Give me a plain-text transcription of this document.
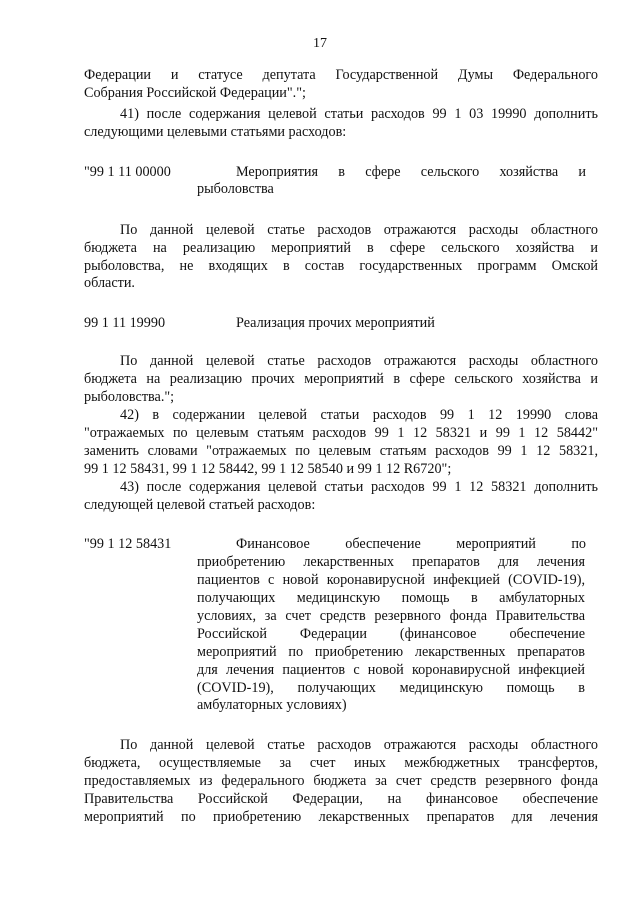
17

Федерации и статусе депутата Государственной Думы Федерального

Собрания Российской Федерации".";

41) после содержания целевой статьи расходов 99 1 03 19990 дополнить

следующими целевыми статьями расходов:

"99 1 11 00000	Мероприятия в сфере сельского хозяйства и

рыболовства

По данной целевой статье расходов отражаются расходы областного

бюджета на реализацию мероприятий в сфере сельского хозяйства и

рыболовства, не входящих в состав государственных программ Омской

области.

99 1 11 19990	Реализация прочих мероприятий

По данной целевой статье расходов отражаются расходы областного

бюджета на реализацию прочих мероприятий в сфере сельского хозяйства и

рыболовства.";

42) в содержании целевой статьи расходов 99 1 12 19990 слова

"отражаемых по целевым статьям расходов 99 1 12 58321 и 99 1 12 58442"

заменить словами "отражаемых по целевым статьям расходов 99 1 12 58321,

99 1 12 58431, 99 1 12 58442, 99 1 12 58540 и 99 1 12 R6720";

43) после содержания целевой статьи расходов 99 1 12 58321 дополнить

следующей целевой статьей расходов:

"99 1 12 58431	Финансовое обеспечение мероприятий по

приобретению лекарственных препаратов для лечения

пациентов с новой коронавирусной инфекцией (COVID-19),

получающих медицинскую помощь в амбулаторных

условиях, за счет средств резервного фонда Правительства

Российской Федерации (финансовое обеспечение

мероприятий по приобретению лекарственных препаратов

для лечения пациентов с новой коронавирусной инфекцией

(COVID-19), получающих медицинскую помощь в

амбулаторных условиях)

По данной целевой статье расходов отражаются расходы областного

бюджета, осуществляемые за счет иных межбюджетных трансфертов,

предоставляемых из федерального бюджета за счет средств резервного фонда

Правительства Российской Федерации, на финансовое обеспечение

мероприятий по приобретению лекарственных препаратов для лечения
